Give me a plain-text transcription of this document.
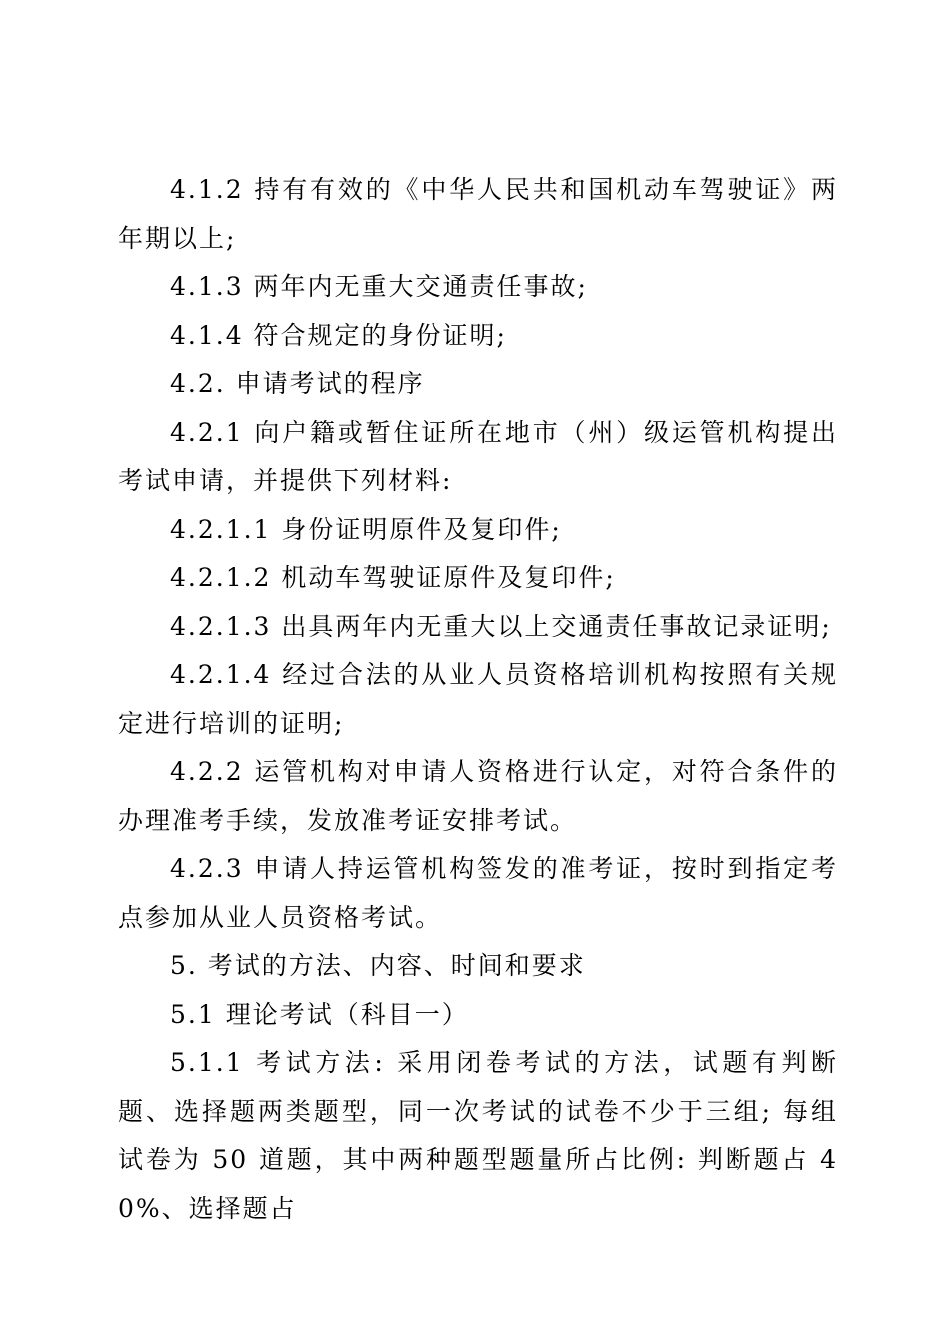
4.1.2 持有有效的《中华人民共和国机动车驾驶证》两年期以上;

4.1.3 两年内无重大交通责任事故;

4.1.4 符合规定的身份证明;

4.2. 申请考试的程序

4.2.1 向户籍或暂住证所在地市（州）级运管机构提出考试申请，并提供下列材料:

4.2.1.1 身份证明原件及复印件;

4.2.1.2 机动车驾驶证原件及复印件;

4.2.1.3 出具两年内无重大以上交通责任事故记录证明;

4.2.1.4 经过合法的从业人员资格培训机构按照有关规定进行培训的证明;

4.2.2 运管机构对申请人资格进行认定，对符合条件的办理准考手续，发放准考证安排考试。

4.2.3 申请人持运管机构签发的准考证，按时到指定考点参加从业人员资格考试。

5. 考试的方法、内容、时间和要求

5.1 理论考试（科目一）

5.1.1 考试方法: 采用闭卷考试的方法，试题有判断题、选择题两类题型，同一次考试的试卷不少于三组; 每组试卷为 50 道题，其中两种题型题量所占比例: 判断题占 40%、选择题占
